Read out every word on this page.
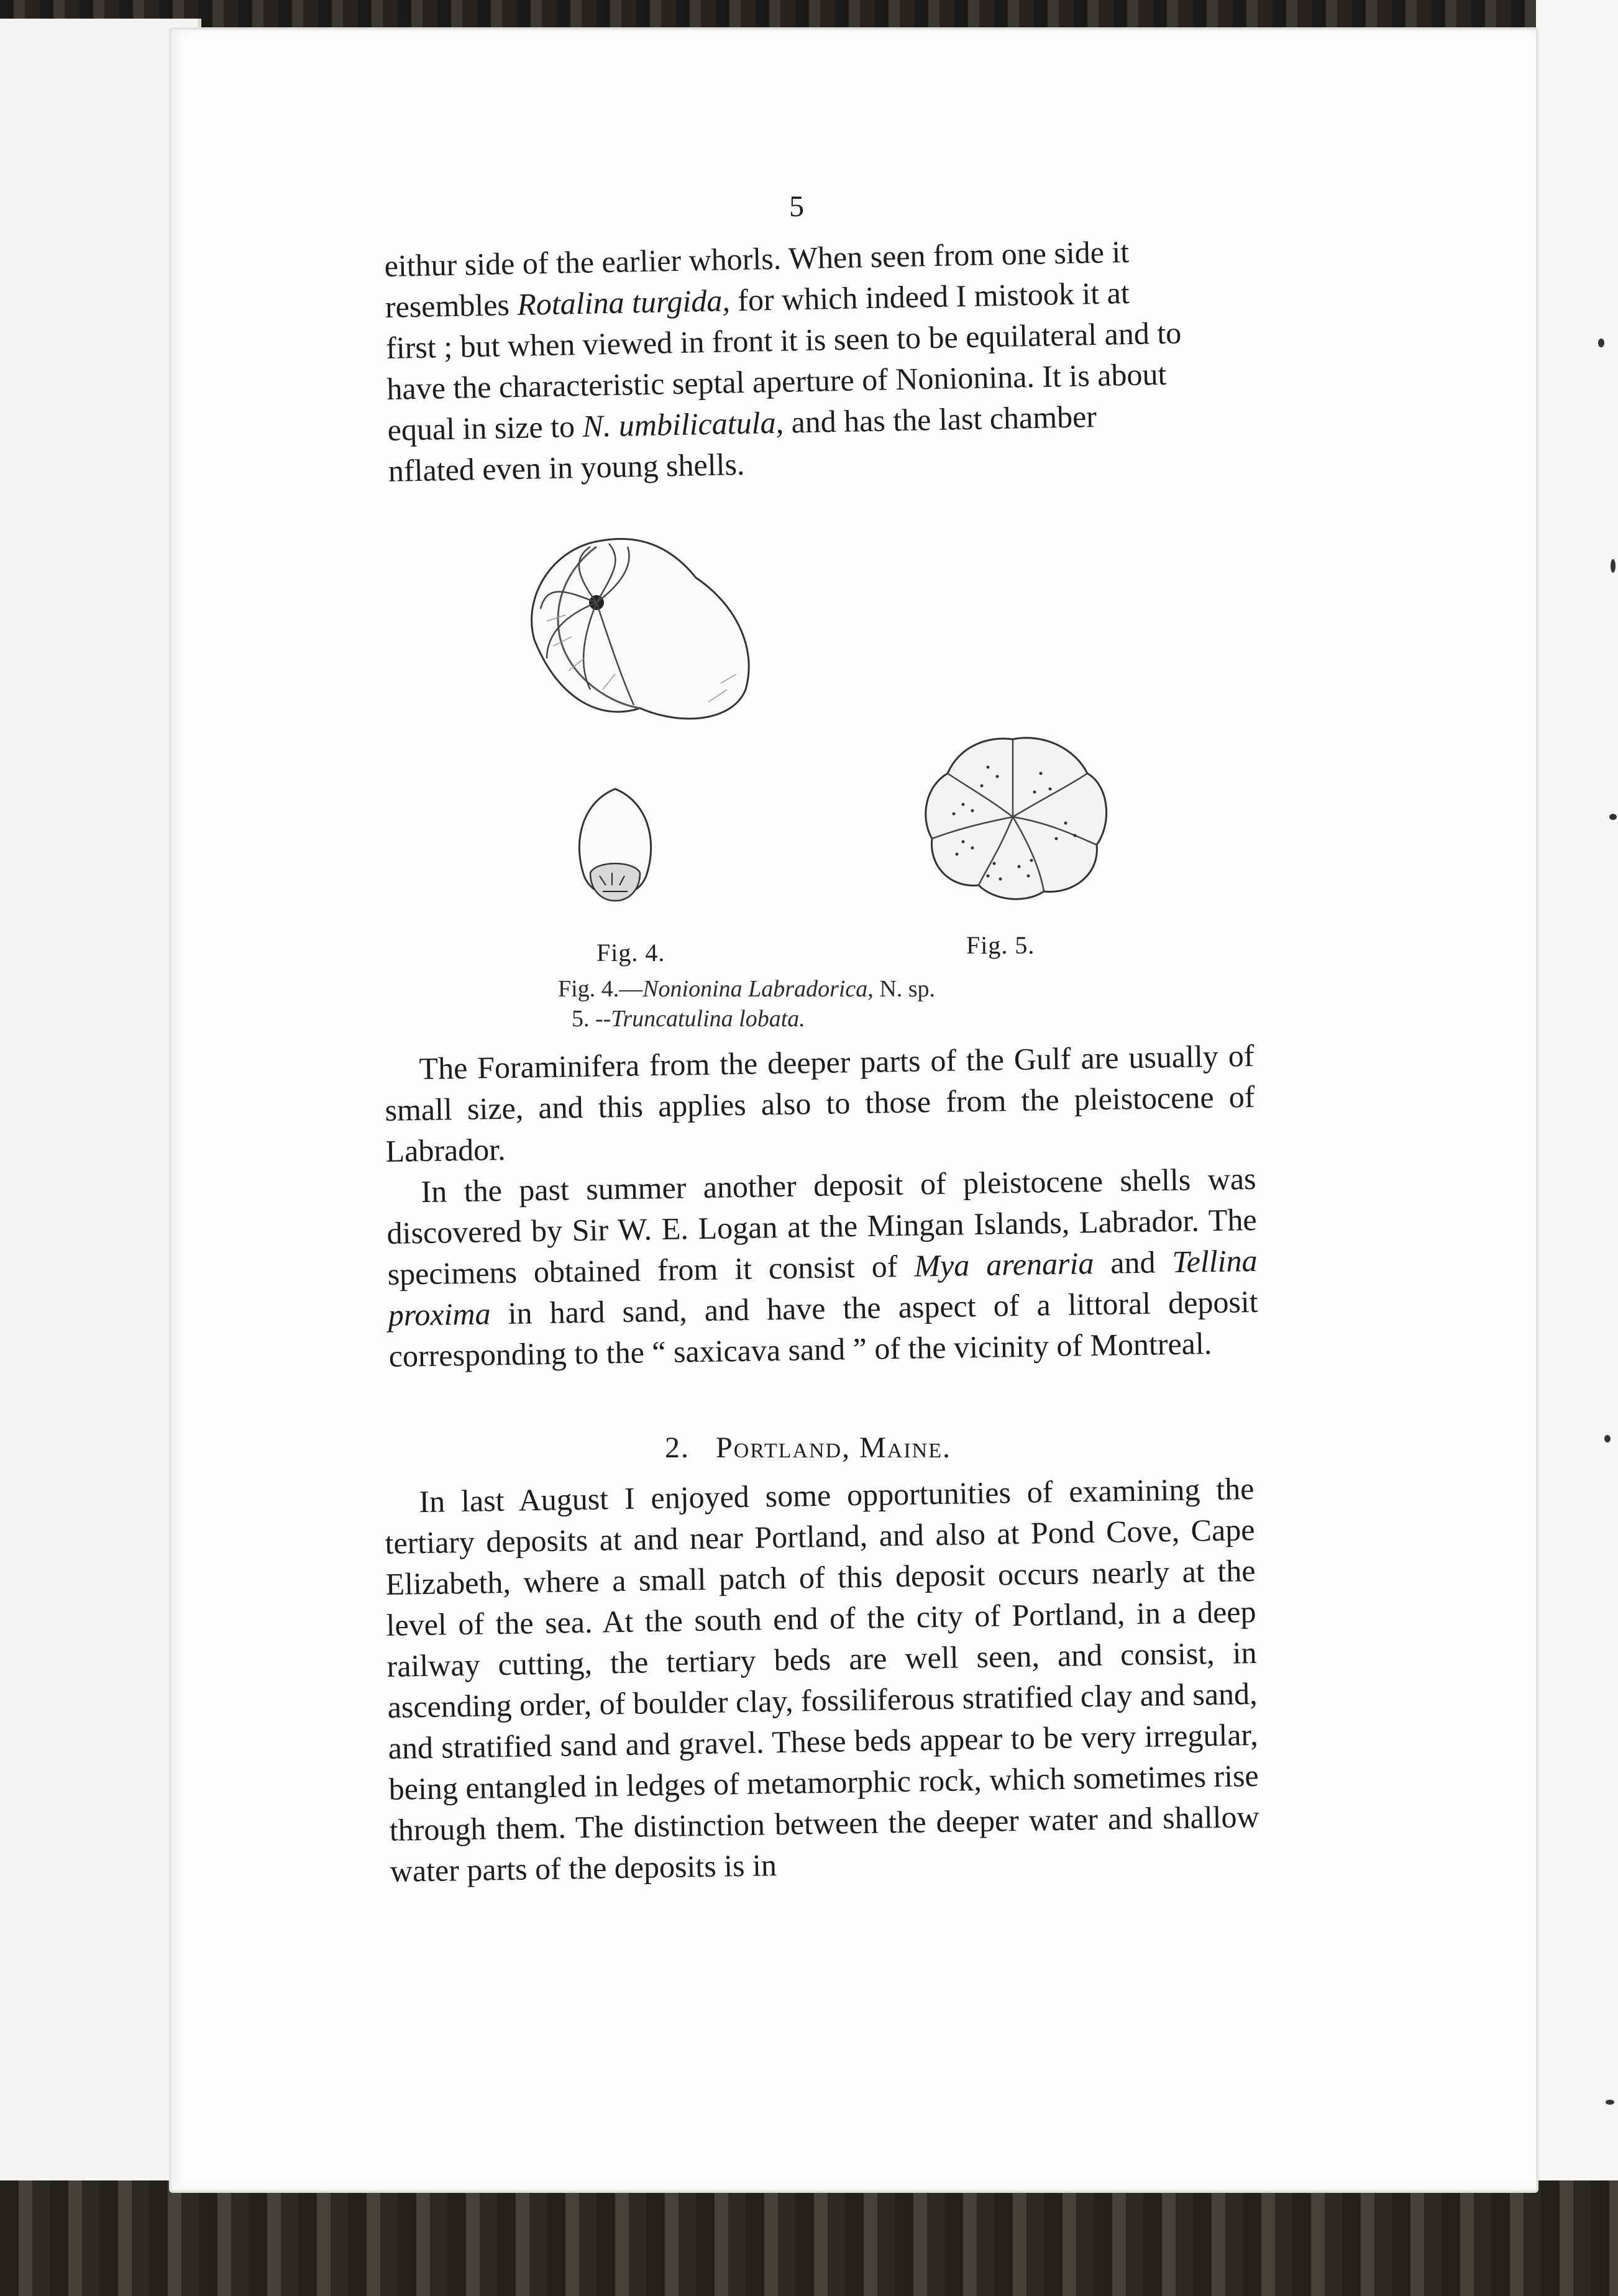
5

eithur side of the earlier whorls. When seen from one side it
resembles Rotalina turgida, for which indeed I mistook it at
first ; but when viewed in front it is seen to be equilateral and to
have the characteristic septal aperture of Nonionina. It is about
equal in size to N. umbilicatula, and has the last chamber
nflated even in young shells.

Fig. 4.	Fig. 5.
Fig. 4.—Nonionina Labradorica, N. sp.
5. --Truncatulina lobata.

The Foraminifera from the deeper parts of the Gulf are usually of small size, and this applies also to those from the pleistocene of Labrador.

In the past summer another deposit of pleistocene shells was discovered by Sir W. E. Logan at the Mingan Islands, Labrador. The specimens obtained from it consist of Mya arenaria and Tellina proxima in hard sand, and have the aspect of a littoral deposit corresponding to the “ saxicava sand ” of the vicinity of Montreal.

2. Portland, Maine.

In last August I enjoyed some opportunities of examining the tertiary deposits at and near Portland, and also at Pond Cove, Cape Elizabeth, where a small patch of this deposit occurs nearly at the level of the sea. At the south end of the city of Portland, in a deep railway cutting, the tertiary beds are well seen, and consist, in ascending order, of boulder clay, fossiliferous stratified clay and sand, and stratified sand and gravel. These beds appear to be very irregular, being entangled in ledges of metamorphic rock, which sometimes rise through them. The distinction between the deeper water and shallow water parts of the deposits is in
